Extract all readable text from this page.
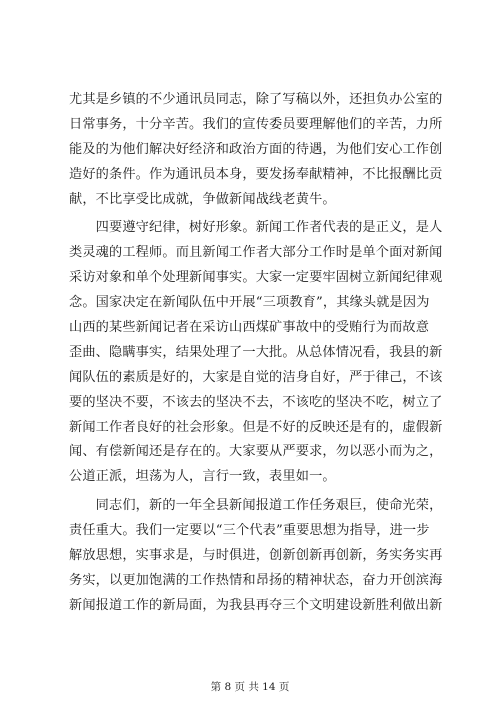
尤其是乡镇的不少通讯员同志，除了写稿以外，还担负办公室的
日常事务，十分辛苦。我们的宣传委员要理解他们的辛苦，力所
能及的为他们解决好经济和政治方面的待遇，为他们安心工作创
造好的条件。作为通讯员本身，要发扬奉献精神，不比报酬比贡
献，不比享受比成就，争做新闻战线老黄牛。
　　四要遵守纪律，树好形象。新闻工作者代表的是正义，是人
类灵魂的工程师。而且新闻工作者大部分工作时是单个面对新闻
采访对象和单个处理新闻事实。大家一定要牢固树立新闻纪律观
念。国家决定在新闻队伍中开展“三项教育”，其缘头就是因为
山西的某些新闻记者在采访山西煤矿事故中的受贿行为而故意
歪曲、隐瞒事实，结果处理了一大批。从总体情况看，我县的新
闻队伍的素质是好的，大家是自觉的洁身自好，严于律己，不该
要的坚决不要，不该去的坚决不去，不该吃的坚决不吃，树立了
新闻工作者良好的社会形象。但是不好的反映还是有的，虚假新
闻、有偿新闻还是存在的。大家要从严要求，勿以恶小而为之，
公道正派，坦荡为人，言行一致，表里如一。
　　同志们，新的一年全县新闻报道工作任务艰巨，使命光荣，
责任重大。我们一定要以“三个代表”重要思想为指导，进一步
解放思想，实事求是，与时俱进，创新创新再创新，务实务实再
务实，以更加饱满的工作热情和昂扬的精神状态，奋力开创滨海
新闻报道工作的新局面，为我县再夺三个文明建设新胜利做出新
第 8 页 共 14 页
